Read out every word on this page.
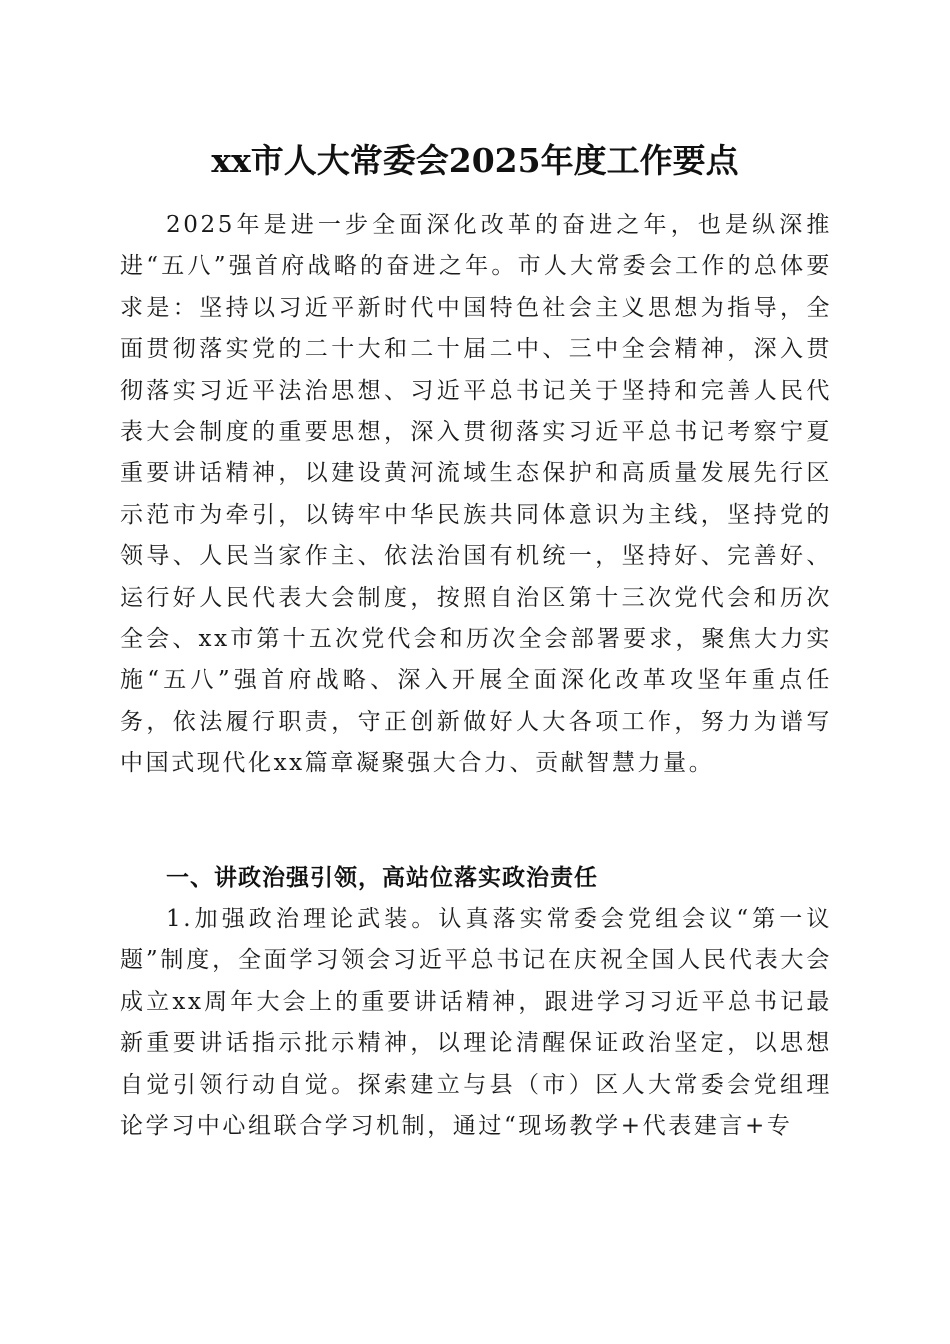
xx市人大常委会2025年度工作要点

2025年是进一步全面深化改革的奋进之年，也是纵深推进“五八”强首府战略的奋进之年。市人大常委会工作的总体要求是：坚持以习近平新时代中国特色社会主义思想为指导，全面贯彻落实党的二十大和二十届二中、三中全会精神，深入贯彻落实习近平法治思想、习近平总书记关于坚持和完善人民代表大会制度的重要思想，深入贯彻落实习近平总书记考察宁夏重要讲话精神，以建设黄河流域生态保护和高质量发展先行区示范市为牵引，以铸牢中华民族共同体意识为主线，坚持党的领导、人民当家作主、依法治国有机统一，坚持好、完善好、运行好人民代表大会制度，按照自治区第十三次党代会和历次全会、xx市第十五次党代会和历次全会部署要求，聚焦大力实施“五八”强首府战略、深入开展全面深化改革攻坚年重点任务，依法履行职责，守正创新做好人大各项工作，努力为谱写中国式现代化xx篇章凝聚强大合力、贡献智慧力量。

一、讲政治强引领，高站位落实政治责任

1.加强政治理论武装。认真落实常委会党组会议“第一议题”制度，全面学习领会习近平总书记在庆祝全国人民代表大会成立xx周年大会上的重要讲话精神，跟进学习习近平总书记最新重要讲话指示批示精神，以理论清醒保证政治坚定，以思想自觉引领行动自觉。探索建立与县（市）区人大常委会党组理论学习中心组联合学习机制，通过“现场教学+代表建言+专
